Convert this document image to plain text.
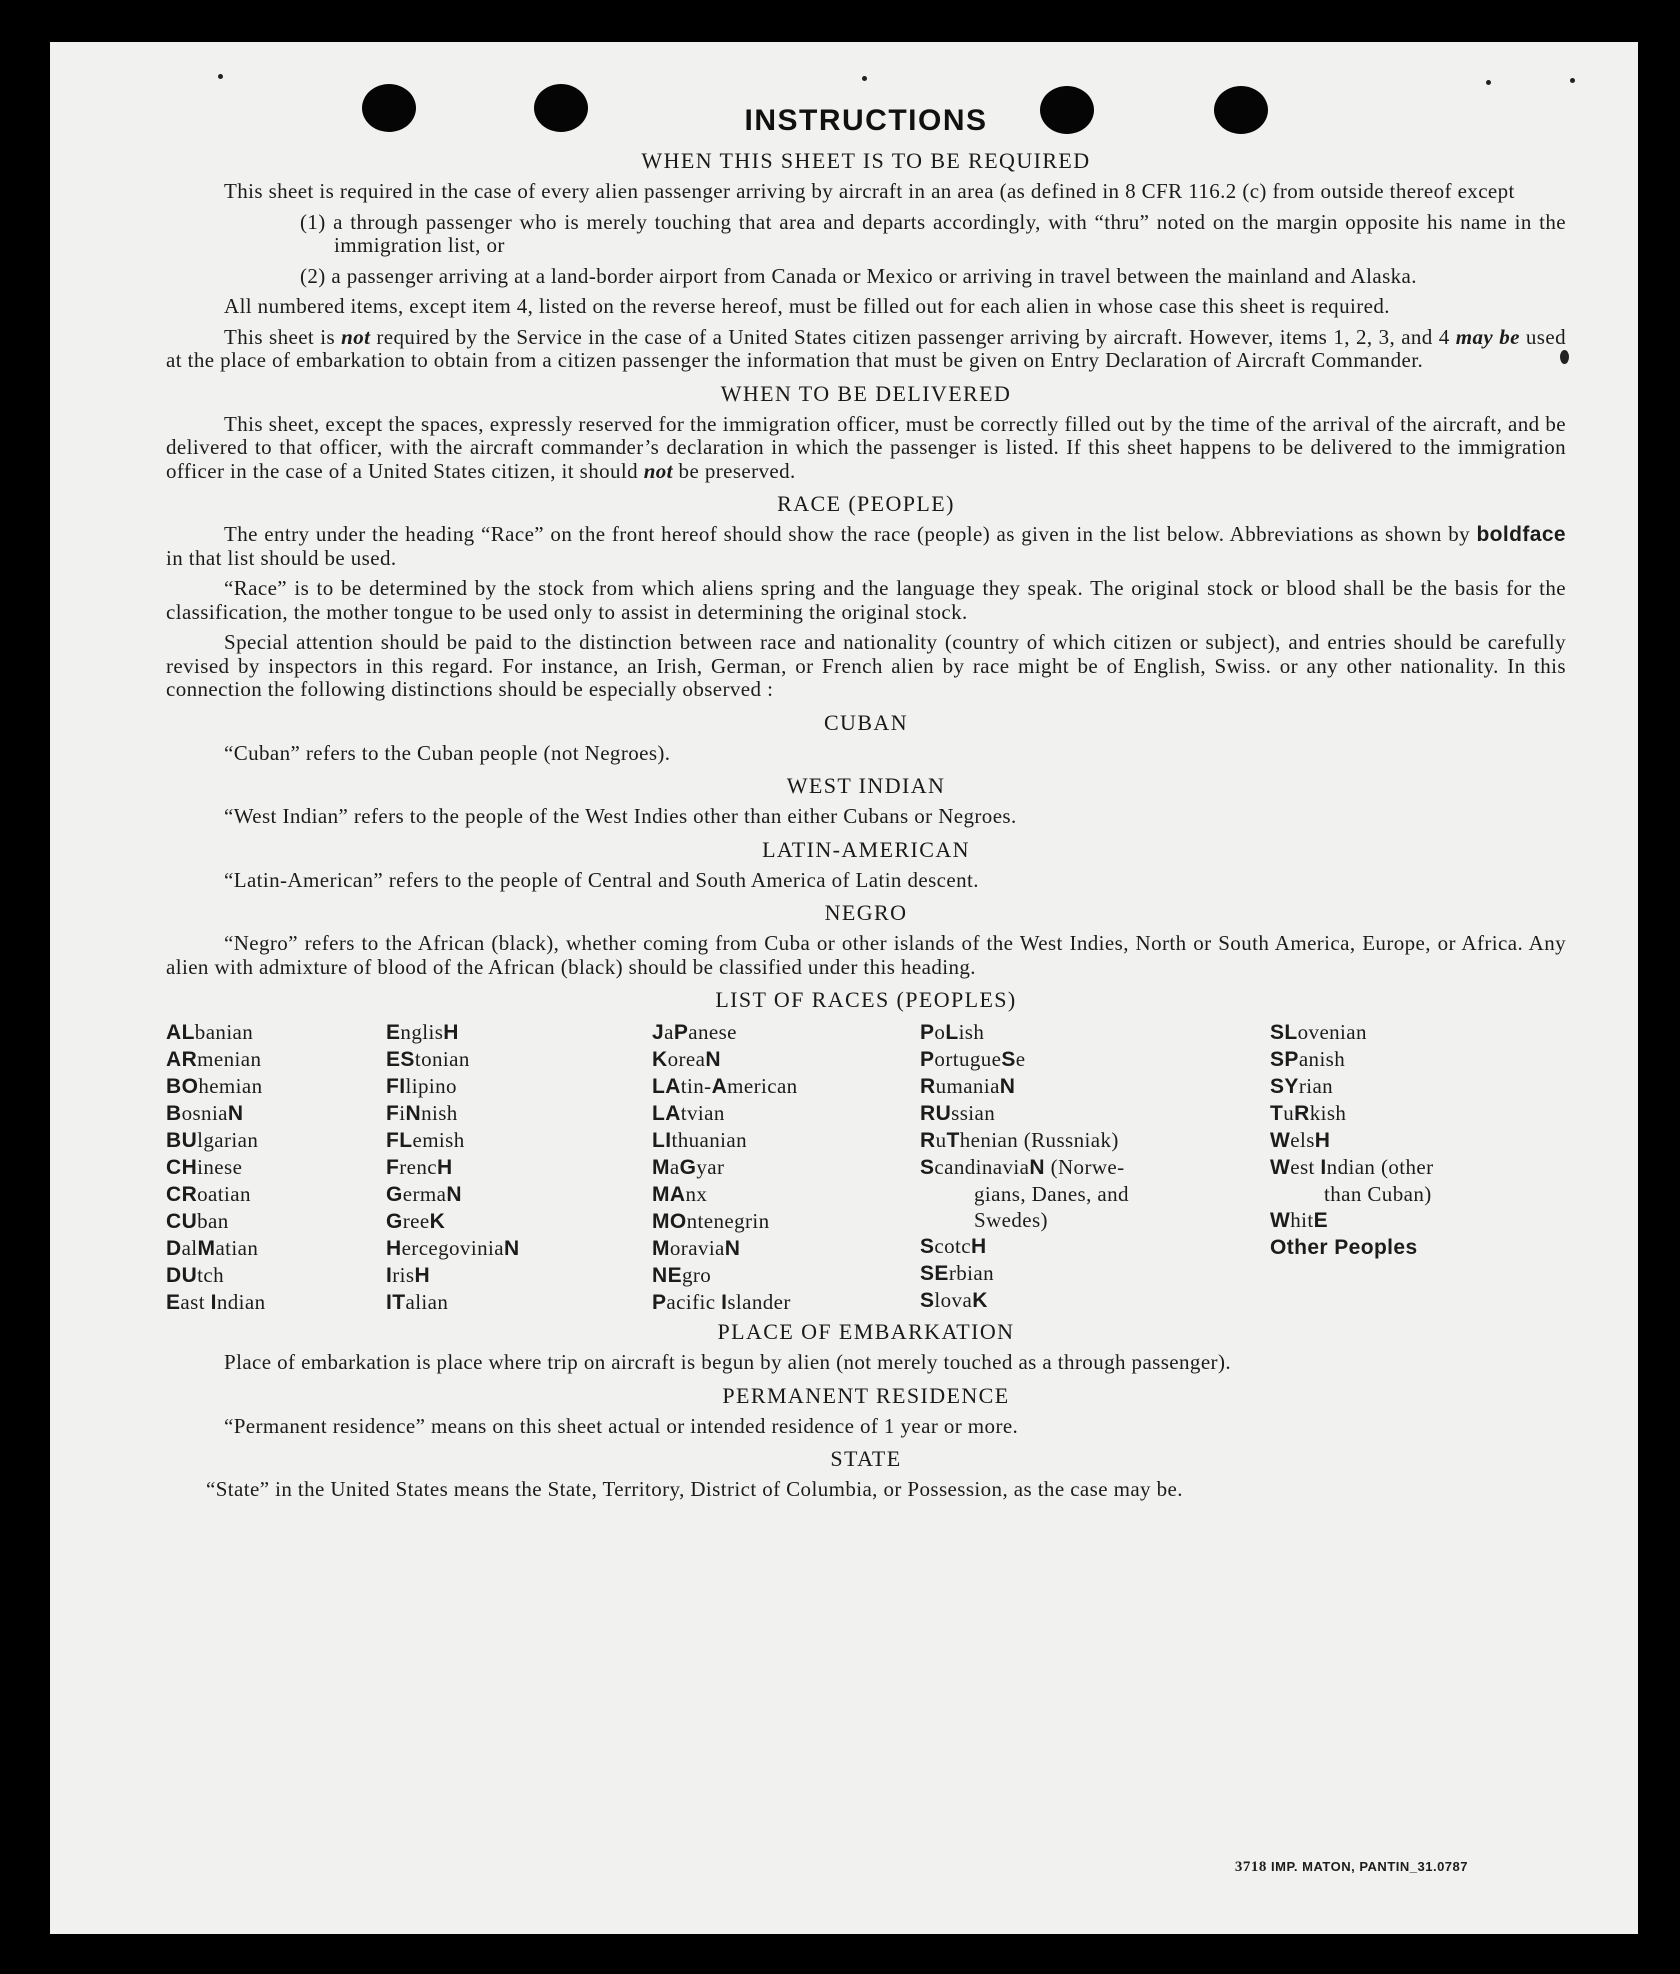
INSTRUCTIONS
WHEN THIS SHEET IS TO BE REQUIRED

This sheet is required in the case of every alien passenger arriving by aircraft in an area (as defined in 8 CFR 116.2 (c) from outside thereof except

(1) a through passenger who is merely touching that area and departs accordingly, with “thru” noted on the margin opposite his name in the immigration list, or

(2) a passenger arriving at a land-border airport from Canada or Mexico or arriving in travel between the mainland and Alaska.

All numbered items, except item 4, listed on the reverse hereof, must be filled out for each alien in whose case this sheet is required.

This sheet is not required by the Service in the case of a United States citizen passenger arriving by aircraft. However, items 1, 2, 3, and 4 may be used at the place of embarkation to obtain from a citizen passenger the information that must be given on Entry Declaration of Aircraft Commander.

WHEN TO BE DELIVERED

This sheet, except the spaces, expressly reserved for the immigration officer, must be correctly filled out by the time of the arrival of the aircraft, and be delivered to that officer, with the aircraft commander’s declaration in which the passenger is listed. If this sheet happens to be delivered to the immigration officer in the case of a United States citizen, it should not be preserved.

RACE (PEOPLE)

The entry under the heading “Race” on the front hereof should show the race (people) as given in the list below. Abbreviations as shown by boldface in that list should be used.

“Race” is to be determined by the stock from which aliens spring and the language they speak. The original stock or blood shall be the basis for the classification, the mother tongue to be used only to assist in determining the original stock.

Special attention should be paid to the distinction between race and nationality (country of which citizen or subject), and entries should be carefully revised by inspectors in this regard. For instance, an Irish, German, or French alien by race might be of English, Swiss. or any other nationality. In this connection the following distinctions should be especially observed :

CUBAN

“Cuban” refers to the Cuban people (not Negroes).

WEST INDIAN

“West Indian” refers to the people of the West Indies other than either Cubans or Negroes.

LATIN-AMERICAN

“Latin-American” refers to the people of Central and South America of Latin descent.

NEGRO

“Negro” refers to the African (black), whether coming from Cuba or other islands of the West Indies, North or South America, Europe, or Africa. Any alien with admixture of blood of the African (black) should be classified under this heading.

LIST OF RACES (PEOPLES)
ALbanian
ARmenian
BOhemian
BosniaN
BUlgarian
CHinese
CRoatian
CUban
DalMatian
DUtch
East Indian
EnglisH
EStonian
FIlipino
FiNnish
FLemish
FrencH
GermaN
GreeK
HercegoviniaN
IrisH
ITalian
JaPanese
KoreaN
LAtin-American
LAtvian
LIthuanian
MaGyar
MAnx
MOntenegrin
MoraviaN
NEgro
Pacific Islander
PoLish
PortugueSe
RumaniaN
RUssian
RuThenian (Russniak)
ScandinaviaN (Norwe-
gians, Danes, and
Swedes)
ScotcH
SErbian
SlovaK
SLovenian
SPanish
SYrian
TuRkish
WelsH
West Indian (other
than Cuban)
WhitE
Other Peoples
PLACE OF EMBARKATION

Place of embarkation is place where trip on aircraft is begun by alien (not merely touched as a through passenger).

PERMANENT RESIDENCE

“Permanent residence” means on this sheet actual or intended residence of 1 year or more.

STATE

“State” in the United States means the State, Territory, District of Columbia, or Possession, as the case may be.

3718 IMP. MATON, PANTIN_31.0787
